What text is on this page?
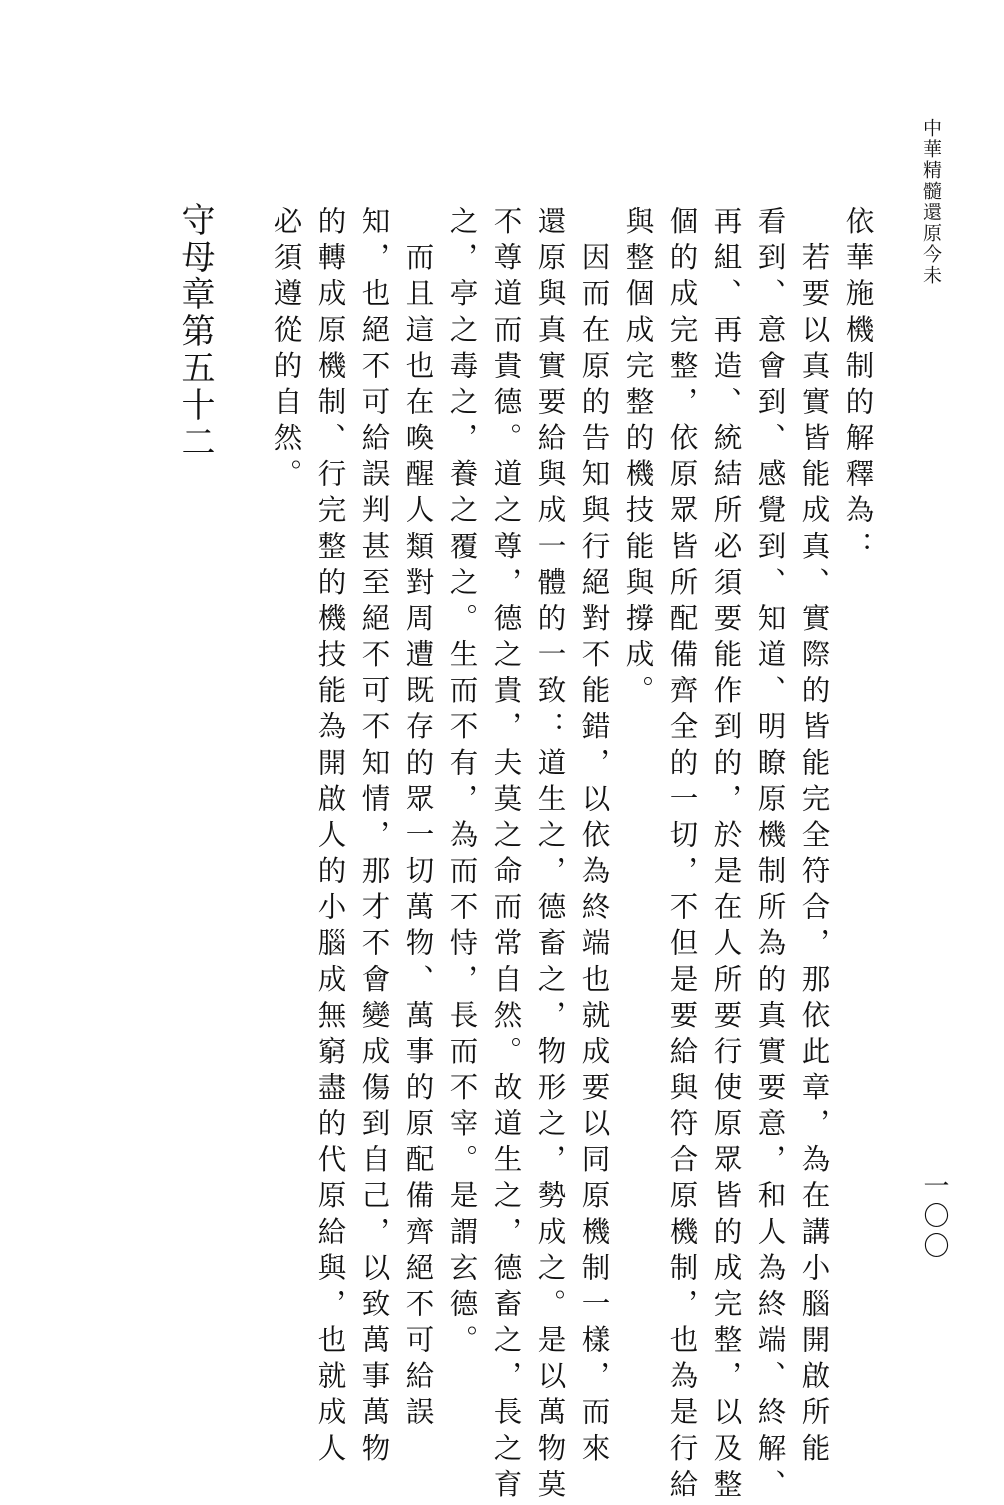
中華精髓還原今未
一〇〇
依華施機制的解釋為：
　若要以真實皆能成真、實際的皆能完全符合，那依此章，為在講小腦開啟所能
看到、意會到、感覺到、知道、明瞭原機制所為的真實要意，和人為終端、終解、
再組、再造、統結所必須要能作到的，於是在人所要行使原眾皆的成完整，以及整
個的成完整，依原眾皆所配備齊全的一切，不但是要給與符合原機制，也為是行給
與整個成完整的機技能與撐成。
　因而在原的告知與行絕對不能錯，以依為終端也就成要以同原機制一樣，而來
還原與真實要給與成一體的一致：道生之，德畜之，物形之，勢成之。是以萬物莫
不尊道而貴德。道之尊，德之貴，夫莫之命而常自然。故道生之，德畜之，長之育
之，亭之毒之，養之覆之。生而不有，為而不恃，長而不宰。是謂玄德。
　而且這也在喚醒人類對周遭既存的眾一切萬物、萬事的原配備齊絕不可給誤
知，也絕不可給誤判甚至絕不可不知情，那才不會變成傷到自己，以致萬事萬物
的轉成原機制、行完整的機技能為開啟人的小腦成無窮盡的代原給與，也就成人
必須遵從的自然。
守母章第五十二
